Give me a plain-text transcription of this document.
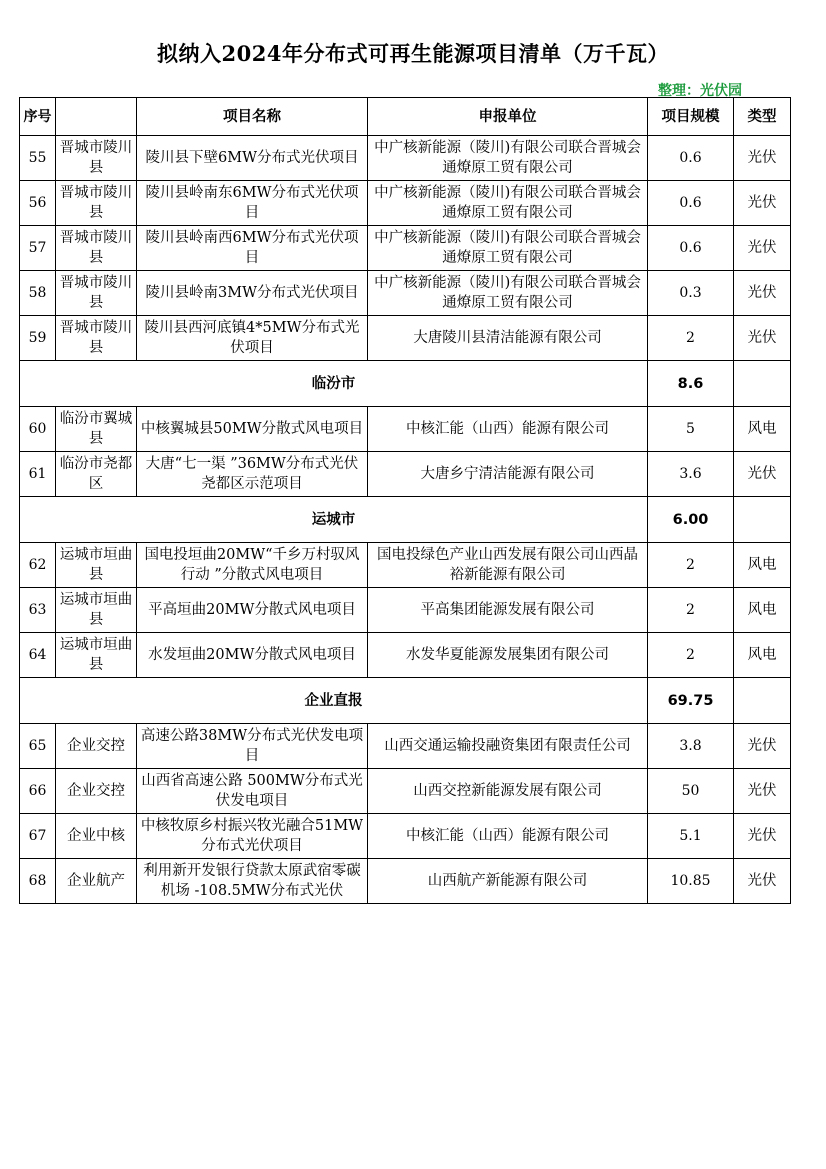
拟纳入2024年分布式可再生能源项目清单（万千瓦）
整理：光伏园
序号		项目名称	申报单位	项目规模	类型
55	晋城市陵川县	陵川县下壁6MW分布式光伏项目	中广核新能源（陵川)有限公司联合晋城会通燎原工贸有限公司	0.6	光伏
56	晋城市陵川县	陵川县岭南东6MW分布式光伏项目	中广核新能源（陵川)有限公司联合晋城会通燎原工贸有限公司	0.6	光伏
57	晋城市陵川县	陵川县岭南西6MW分布式光伏项目	中广核新能源（陵川)有限公司联合晋城会通燎原工贸有限公司	0.6	光伏
58	晋城市陵川县	陵川县岭南3MW分布式光伏项目	中广核新能源（陵川)有限公司联合晋城会通燎原工贸有限公司	0.3	光伏
59	晋城市陵川县	陵川县西河底镇4*5MW分布式光伏项目	大唐陵川县清洁能源有限公司	2	光伏
临汾市				8.6	
60	临汾市翼城县	中核翼城县50MW分散式风电项目	中核汇能（山西）能源有限公司	5	风电
61	临汾市尧都区	大唐“七一渠 ”36MW分布式光伏尧都区示范项目	大唐乡宁清洁能源有限公司	3.6	光伏
运城市				6.00	
62	运城市垣曲县	国电投垣曲20MW“千乡万村驭风行动 ”分散式风电项目	国电投绿色产业山西发展有限公司山西晶裕新能源有限公司	2	风电
63	运城市垣曲县	平高垣曲20MW分散式风电项目	平高集团能源发展有限公司	2	风电
64	运城市垣曲县	水发垣曲20MW分散式风电项目	水发华夏能源发展集团有限公司	2	风电
企业直报				69.75	
65	企业交控	高速公路38MW分布式光伏发电项目	山西交通运输投融资集团有限责任公司	3.8	光伏
66	企业交控	山西省高速公路 500MW分布式光伏发电项目	山西交控新能源发展有限公司	50	光伏
67	企业中核	中核牧原乡村振兴牧光融合51MW分布式光伏项目	中核汇能（山西）能源有限公司	5.1	光伏
68	企业航产	利用新开发银行贷款太原武宿零碳机场 -108.5MW分布式光伏	山西航产新能源有限公司	10.85	光伏
